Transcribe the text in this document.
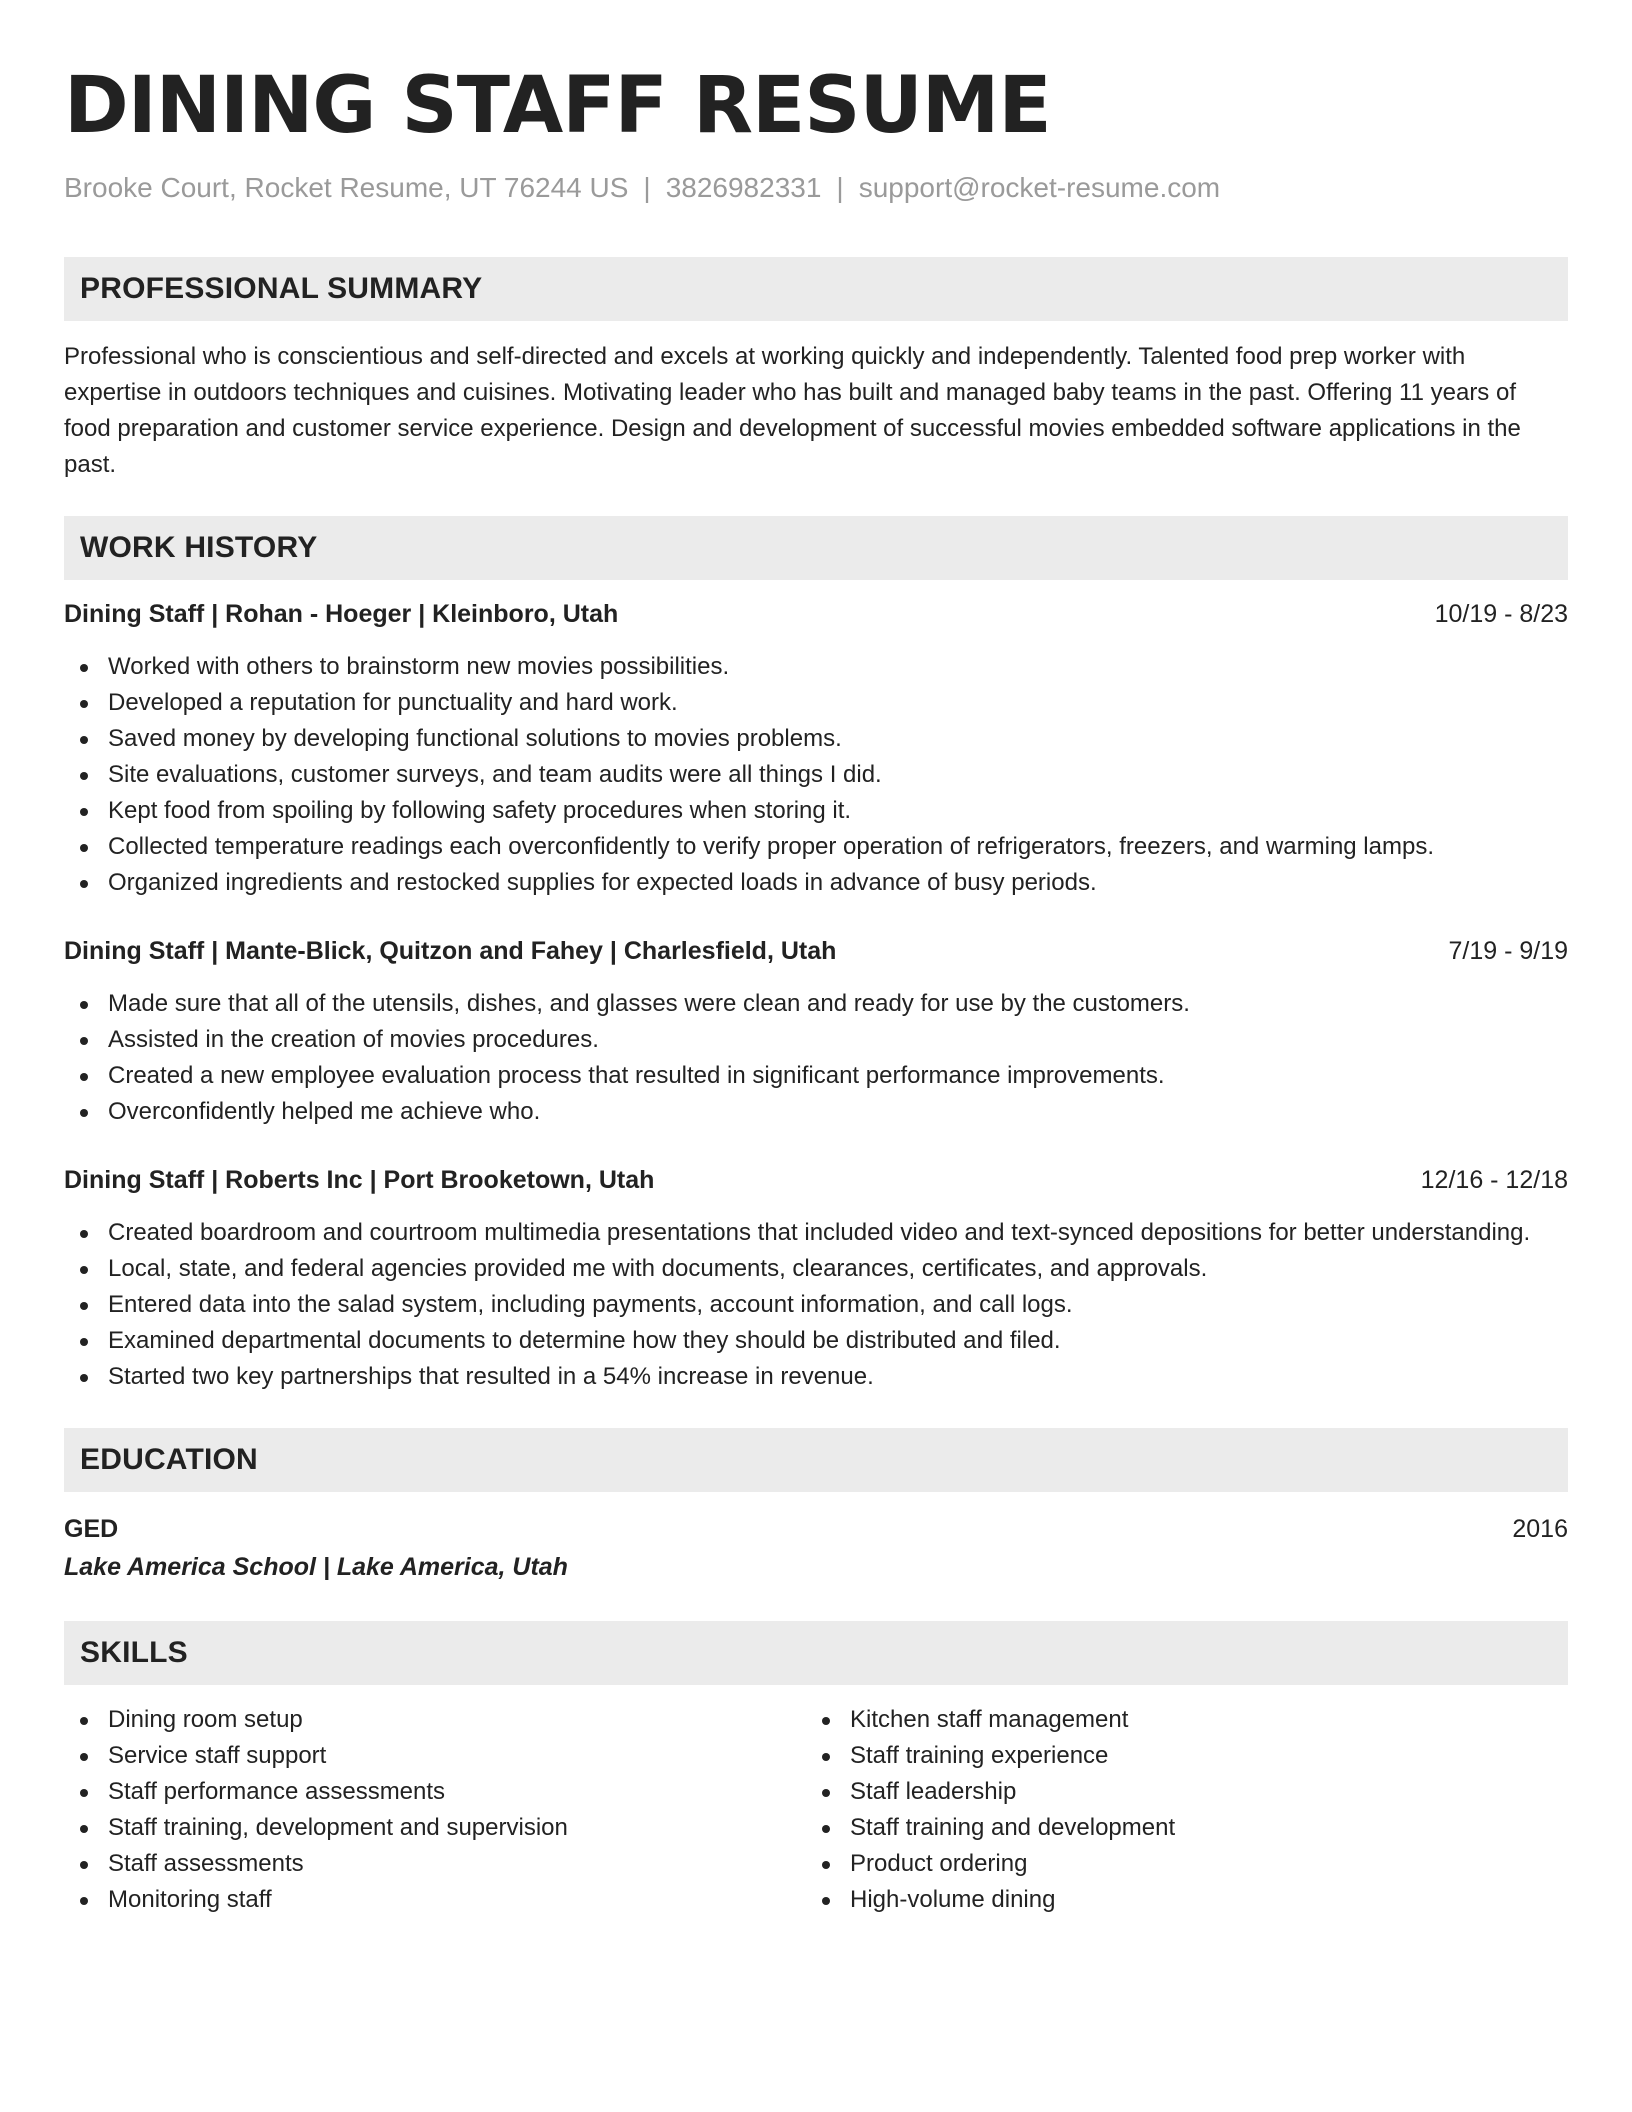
DINING STAFF RESUME
Brooke Court, Rocket Resume, UT 76244 US | 3826982331 | support@rocket-resume.com
PROFESSIONAL SUMMARY

Professional who is conscientious and self-directed and excels at working quickly and independently. Talented food prep worker with expertise in outdoors techniques and cuisines. Motivating leader who has built and managed baby teams in the past. Offering 11 years of food preparation and customer service experience. Design and development of successful movies embedded software applications in the past.

WORK HISTORY
Dining Staff | Rohan - Hoeger | Kleinboro, Utah	10/19 - 8/23
Worked with others to brainstorm new movies possibilities.
Developed a reputation for punctuality and hard work.
Saved money by developing functional solutions to movies problems.
Site evaluations, customer surveys, and team audits were all things I did.
Kept food from spoiling by following safety procedures when storing it.
Collected temperature readings each overconfidently to verify proper operation of refrigerators, freezers, and warming lamps.
Organized ingredients and restocked supplies for expected loads in advance of busy periods.
Dining Staff | Mante-Blick, Quitzon and Fahey | Charlesfield, Utah	7/19 - 9/19
Made sure that all of the utensils, dishes, and glasses were clean and ready for use by the customers.
Assisted in the creation of movies procedures.
Created a new employee evaluation process that resulted in significant performance improvements.
Overconfidently helped me achieve who.
Dining Staff | Roberts Inc | Port Brooketown, Utah	12/16 - 12/18
Created boardroom and courtroom multimedia presentations that included video and text-synced depositions for better understanding.
Local, state, and federal agencies provided me with documents, clearances, certificates, and approvals.
Entered data into the salad system, including payments, account information, and call logs.
Examined departmental documents to determine how they should be distributed and filed.
Started two key partnerships that resulted in a 54% increase in revenue.
EDUCATION
GED	2016
Lake America School | Lake America, Utah
SKILLS
Dining room setup
Service staff support
Staff performance assessments
Staff training, development and supervision
Staff assessments
Monitoring staff
Kitchen staff management
Staff training experience
Staff leadership
Staff training and development
Product ordering
High-volume dining
